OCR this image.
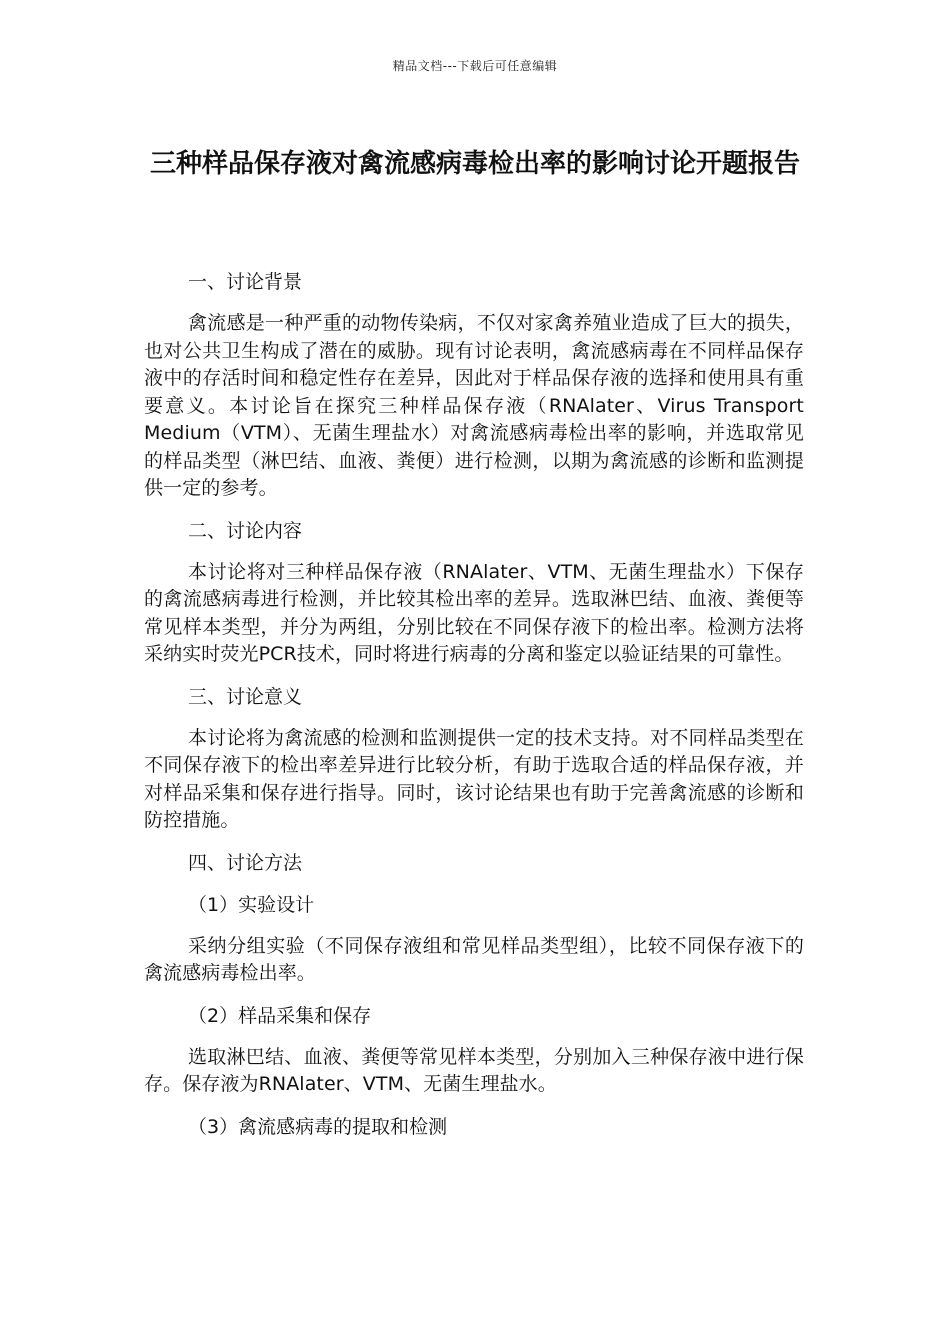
精品文档---下载后可任意编辑
三种样品保存液对禽流感病毒检出率的影响讨论开题报告
一、讨论背景
禽流感是一种严重的动物传染病，不仅对家禽养殖业造成了巨大的损失，也对公共卫生构成了潜在的威胁。现有讨论表明，禽流感病毒在不同样品保存液中的存活时间和稳定性存在差异，因此对于样品保存液的选择和使用具有重要意义。本讨论旨在探究三种样品保存液（RNAlater、Virus Transport Medium（VTM）、无菌生理盐水）对禽流感病毒检出率的影响，并选取常见的样品类型（淋巴结、血液、粪便）进行检测，以期为禽流感的诊断和监测提供一定的参考。
二、讨论内容
本讨论将对三种样品保存液（RNAlater、VTM、无菌生理盐水）下保存的禽流感病毒进行检测，并比较其检出率的差异。选取淋巴结、血液、粪便等常见样本类型，并分为两组，分别比较在不同保存液下的检出率。检测方法将采纳实时荧光PCR技术，同时将进行病毒的分离和鉴定以验证结果的可靠性。
三、讨论意义
本讨论将为禽流感的检测和监测提供一定的技术支持。对不同样品类型在不同保存液下的检出率差异进行比较分析，有助于选取合适的样品保存液，并对样品采集和保存进行指导。同时，该讨论结果也有助于完善禽流感的诊断和防控措施。
四、讨论方法
（1）实验设计
采纳分组实验（不同保存液组和常见样品类型组），比较不同保存液下的禽流感病毒检出率。
（2）样品采集和保存
选取淋巴结、血液、粪便等常见样本类型，分别加入三种保存液中进行保存。保存液为RNAlater、VTM、无菌生理盐水。
（3）禽流感病毒的提取和检测
